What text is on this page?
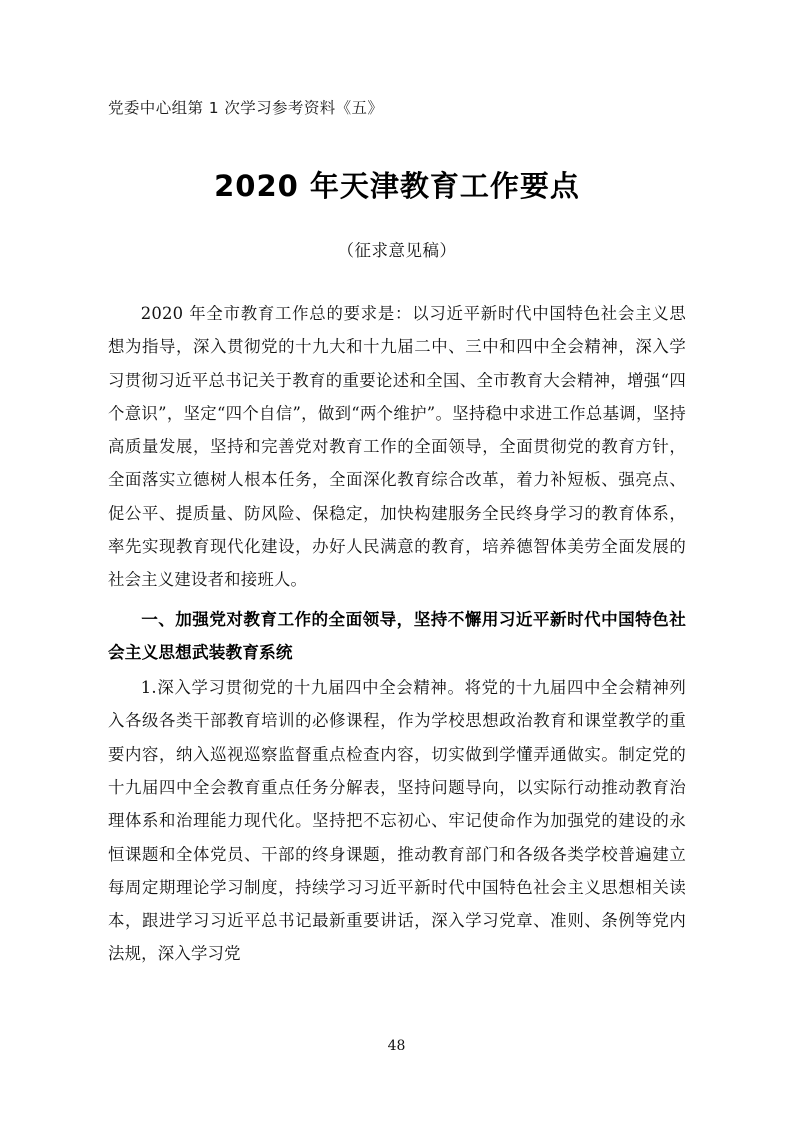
党委中心组第 1 次学习参考资料《五》
2020 年天津教育工作要点
（征求意见稿）

2020 年全市教育工作总的要求是：以习近平新时代中国特色社会主义思想为指导，深入贯彻党的十九大和十九届二中、三中和四中全会精神，深入学习贯彻习近平总书记关于教育的重要论述和全国、全市教育大会精神，增强“四个意识”，坚定“四个自信”，做到“两个维护”。坚持稳中求进工作总基调，坚持高质量发展，坚持和完善党对教育工作的全面领导，全面贯彻党的教育方针，全面落实立德树人根本任务，全面深化教育综合改革，着力补短板、强亮点、促公平、提质量、防风险、保稳定，加快构建服务全民终身学习的教育体系，率先实现教育现代化建设，办好人民满意的教育，培养德智体美劳全面发展的社会主义建设者和接班人。

一、加强党对教育工作的全面领导，坚持不懈用习近平新时代中国特色社会主义思想武装教育系统

1.深入学习贯彻党的十九届四中全会精神。将党的十九届四中全会精神列入各级各类干部教育培训的必修课程，作为学校思想政治教育和课堂教学的重要内容，纳入巡视巡察监督重点检查内容，切实做到学懂弄通做实。制定党的十九届四中全会教育重点任务分解表，坚持问题导向，以实际行动推动教育治理体系和治理能力现代化。坚持把不忘初心、牢记使命作为加强党的建设的永恒课题和全体党员、干部的终身课题，推动教育部门和各级各类学校普遍建立每周定期理论学习制度，持续学习习近平新时代中国特色社会主义思想相关读本，跟进学习习近平总书记最新重要讲话，深入学习党章、准则、条例等党内法规，深入学习党

48
